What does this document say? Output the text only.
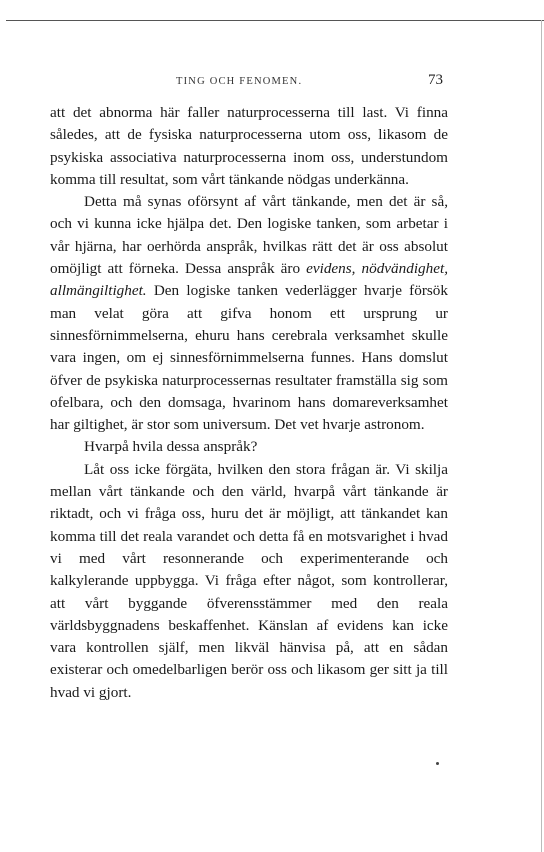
TING OCH FENOMEN.	73

att det abnorma här faller naturprocesserna till last. Vi finna således, att de fysiska naturprocesserna utom oss, likasom de psykiska associativa naturprocesserna inom oss, understundom komma till resultat, som vårt tänkande nödgas underkänna.

Detta må synas oförsynt af vårt tänkande, men det är så, och vi kunna icke hjälpa det. Den logiske tanken, som arbetar i vår hjärna, har oerhörda anspråk, hvilkas rätt det är oss absolut omöjligt att förneka. Dessa anspråk äro evidens, nödvändighet, allmängiltighet. Den logiske tanken vederlägger hvarje försök man velat göra att gifva honom ett ursprung ur sinnesförnimmelserna, ehuru hans cerebrala verksamhet skulle vara ingen, om ej sinnesförnimmelserna funnes. Hans domslut öfver de psykiska naturprocessernas resultater framställa sig som ofelbara, och den domsaga, hvarinom hans domareverksamhet har giltighet, är stor som universum. Det vet hvarje astronom.

Hvarpå hvila dessa anspråk?

Låt oss icke förgäta, hvilken den stora frågan är. Vi skilja mellan vårt tänkande och den värld, hvarpå vårt tänkande är riktadt, och vi fråga oss, huru det är möjligt, att tänkandet kan komma till det reala varandet och detta få en motsvarighet i hvad vi med vårt resonnerande och experimenterande och kalkylerande uppbygga. Vi fråga efter något, som kontrollerar, att vårt byggande öfverensstämmer med den reala världsbyggnadens beskaffenhet. Känslan af evidens kan icke vara kontrollen själf, men likväl hänvisa på, att en sådan existerar och omedelbarligen berör oss och likasom ger sitt ja till hvad vi gjort.
